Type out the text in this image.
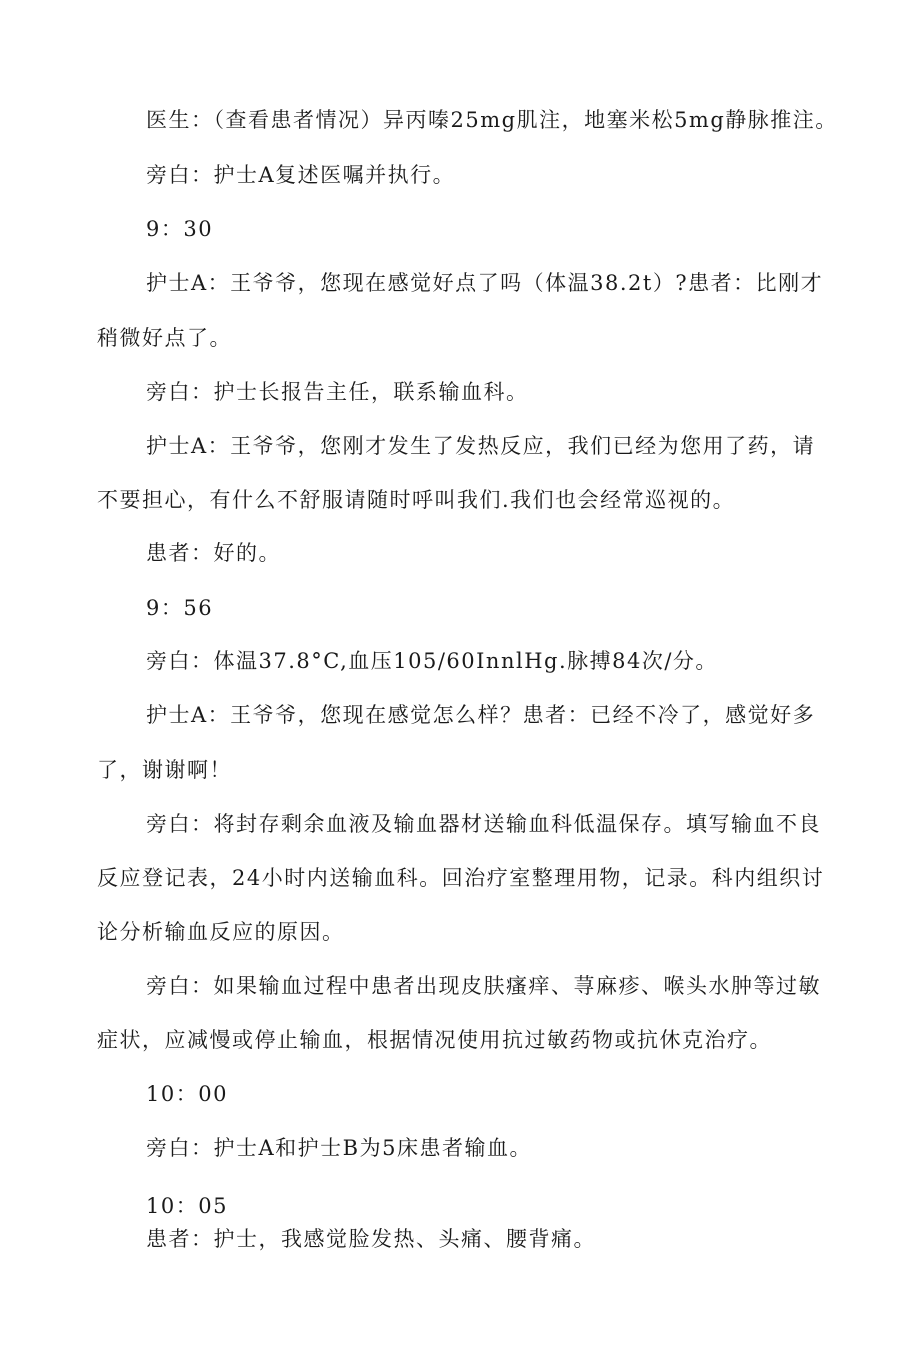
医生：（查看患者情况）异丙嗪25mg肌注，地塞米松5mg静脉推注。
旁白：护士A复述医嘱并执行。
9：30
护士A：王爷爷，您现在感觉好点了吗（体温38.2t）?患者：比刚才
稍微好点了。
旁白：护士长报告主任，联系输血科。
护士A：王爷爷，您刚才发生了发热反应，我们已经为您用了药，请
不要担心，有什么不舒服请随时呼叫我们.我们也会经常巡视的。
患者：好的。
9：56
旁白：体温37.8°C,血压105/60InnlHg.脉搏84次/分。
护士A：王爷爷，您现在感觉怎么样？患者：已经不冷了，感觉好多
了，谢谢啊！
旁白：将封存剩余血液及输血器材送输血科低温保存。填写输血不良
反应登记表，24小时内送输血科。回治疗室整理用物，记录。科内组织讨
论分析输血反应的原因。
旁白：如果输血过程中患者出现皮肤瘙痒、荨麻疹、喉头水肿等过敏
症状，应减慢或停止输血，根据情况使用抗过敏药物或抗休克治疗。
10：00
旁白：护士A和护士B为5床患者输血。
10：05
患者：护士，我感觉脸发热、头痛、腰背痛。
